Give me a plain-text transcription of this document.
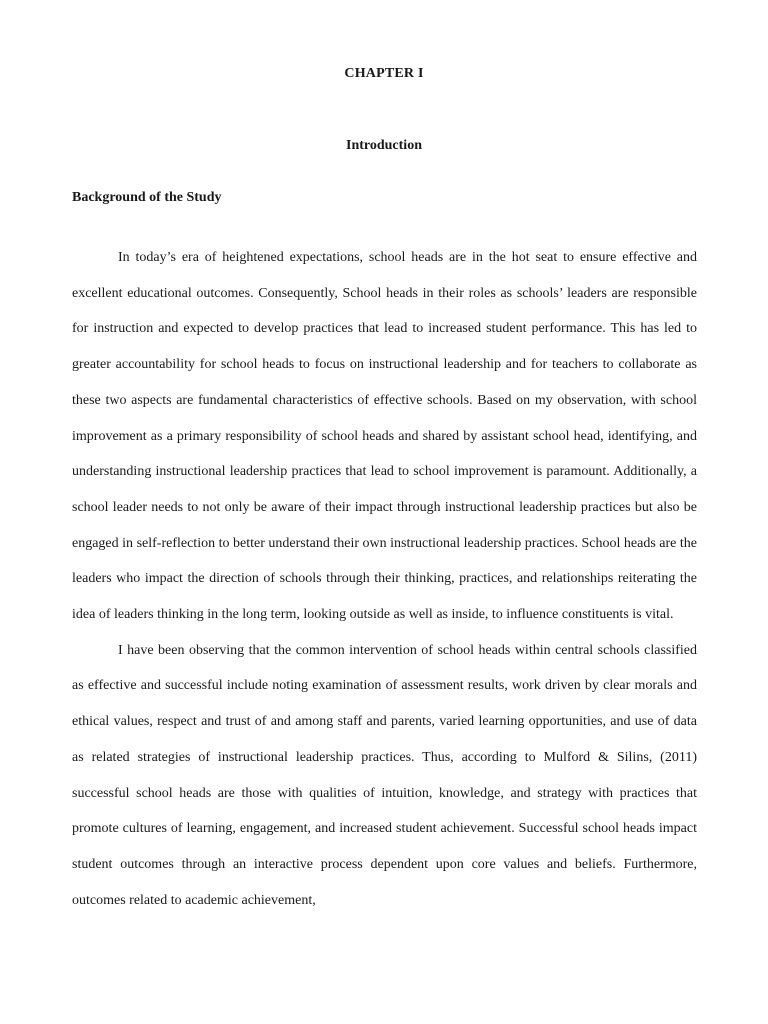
CHAPTER I
Introduction
Background of the Study

In today’s era of heightened expectations, school heads are in the hot seat to ensure effective and excellent educational outcomes. Consequently, School heads in their roles as schools’ leaders are responsible for instruction and expected to develop practices that lead to increased student performance. This has led to greater accountability for school heads to focus on instructional leadership and for teachers to collaborate as these two aspects are fundamental characteristics of effective schools. Based on my observation, with school improvement as a primary responsibility of school heads and shared by assistant school head, identifying, and understanding instructional leadership practices that lead to school improvement is paramount. Additionally, a school leader needs to not only be aware of their impact through instructional leadership practices but also be engaged in self-reflection to better understand their own instructional leadership practices. School heads are the leaders who impact the direction of schools through their thinking, practices, and relationships reiterating the idea of leaders thinking in the long term, looking outside as well as inside, to influence constituents is vital.

I have been observing that the common intervention of school heads within central schools classified as effective and successful include noting examination of assessment results, work driven by clear morals and ethical values, respect and trust of and among staff and parents, varied learning opportunities, and use of data as related strategies of instructional leadership practices. Thus, according to Mulford & Silins, (2011) successful school heads are those with qualities of intuition, knowledge, and strategy with practices that promote cultures of learning, engagement, and increased student achievement. Successful school heads impact student outcomes through an interactive process dependent upon core values and beliefs. Furthermore, outcomes related to academic achievement,
